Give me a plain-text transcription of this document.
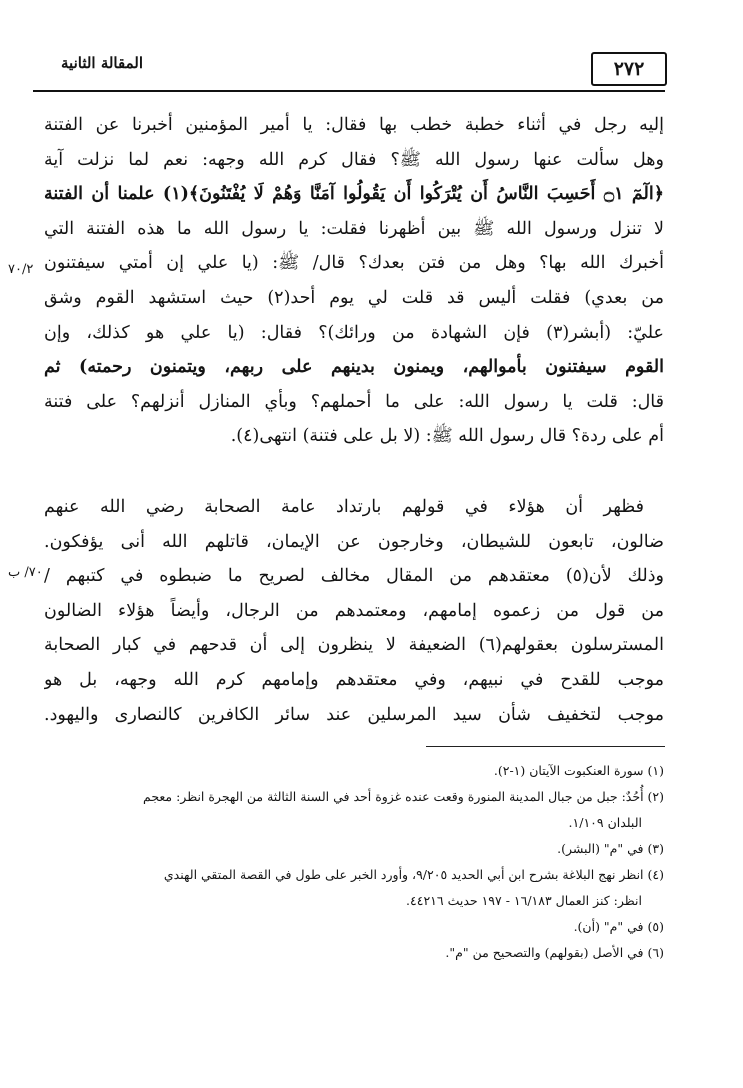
المقالة الثانية	٢٧٢
٧٠/٢
٧٠/ ب
إليه رجل في أثناء خطبة خطب بها فقال: يا أمير المؤمنين أخبرنا عن الفتنة
وهل سألت عنها رسول الله ﷺ؟ فقال كرم الله وجهه: نعم لما نزلت آية
﴿الٓمٓ ۝١ أَحَسِبَ النَّاسُ أَن يُتْرَكُوا أَن يَقُولُوا آمَنَّا وَهُمْ لَا يُفْتَنُونَ﴾(١) علمنا أن الفتنة
لا تنزل ورسول الله ﷺ بين أظهرنا فقلت: يا رسول الله ما هذه الفتنة التي
أخبرك الله بها؟ وهل من فتن بعدك؟ قال/ ﷺ: (يا علي إن أمتي سيفتنون
من بعدي) فقلت أليس قد قلت لي يوم أحد(٢) حيث استشهد القوم وشق
عليّ: (أبشر(٣) فإن الشهادة من ورائك)؟ فقال: (يا علي هو كذلك، وإن
القوم سيفتنون بأموالهم، ويمنون بدينهم على ربهم، ويتمنون رحمته) ثم
قال: قلت يا رسول الله: على ما أحملهم؟ وبأي المنازل أنزلهم؟ على فتنة
أم على ردة؟ قال رسول الله ﷺ: (لا بل على فتنة) انتهى(٤).
فظهر أن هؤلاء في قولهم بارتداد عامة الصحابة رضي الله عنهم
ضالون، تابعون للشيطان، وخارجون عن الإيمان، قاتلهم الله أنى يؤفكون.
وذلك لأن(٥) معتقدهم من المقال مخالف لصريح ما ضبطوه في كتبهم /
من قول من زعموه إمامهم، ومعتمدهم من الرجال، وأيضاً هؤلاء الضالون
المسترسلون بعقولهم(٦) الضعيفة لا ينظرون إلى أن قدحهم في كبار الصحابة
موجب للقدح في نبيهم، وفي معتقدهم وإمامهم كرم الله وجهه، بل هو
موجب لتخفيف شأن سيد المرسلين عند سائر الكافرين كالنصارى واليهود.
(١) سورة العنكبوت الآيتان (١-٢).
(٢) أُحُدٌ: جبل من جبال المدينة المنورة وقعت عنده غزوة أحد في السنة الثالثة من الهجرة انظر: معجم
البلدان ١/١٠٩.
(٣) في "م" (البشر).
(٤) انظر نهج البلاغة بشرح ابن أبي الحديد ٩/٢٠٥، وأورد الخبر على طول في القصة المتقي الهندي
انظر: كنز العمال ١٦/١٨٣ - ١٩٧ حديث ٤٤٢١٦.
(٥) في "م" (أن).
(٦) في الأصل (بقولهم) والتصحيح من "م".
